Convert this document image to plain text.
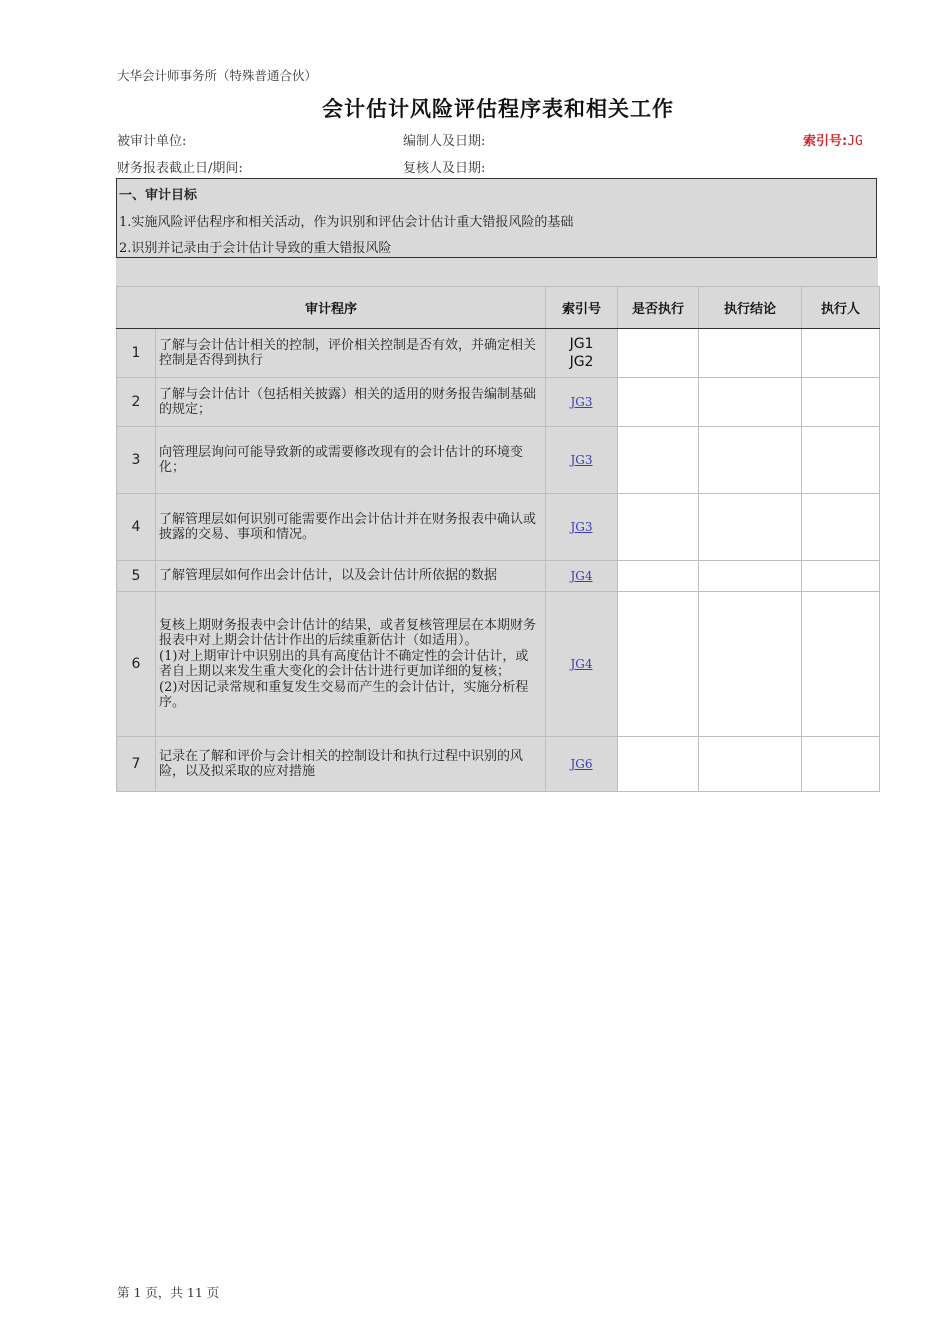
大华会计师事务所（特殊普通合伙）
会计估计风险评估程序表和相关工作
被审计单位:	编制人及日期:	索引号:JG
财务报表截止日/期间:	复核人及日期:
一、审计目标
1.实施风险评估程序和相关活动，作为识别和评估会计估计重大错报风险的基础
2.识别并记录由于会计估计导致的重大错报风险
审计程序		索引号	是否执行	执行结论	执行人
1	了解与会计估计相关的控制，评价相关控制是否有效，并确定相关控制是否得到执行	JG1
JG2			

2	了解与会计估计（包括相关披露）相关的适用的财务报告编制基础的规定；	JG3			
3	向管理层询问可能导致新的或需要修改现有的会计估计的环境变化；	JG3			
4	了解管理层如何识别可能需要作出会计估计并在财务报表中确认或披露的交易、事项和情况。	JG3			
5	了解管理层如何作出会计估计，以及会计估计所依据的数据	JG4			
6	复核上期财务报表中会计估计的结果，或者复核管理层在本期财务报表中对上期会计估计作出的后续重新估计（如适用）。
(1)对上期审计中识别出的具有高度估计不确定性的会计估计，或者自上期以来发生重大变化的会计估计进行更加详细的复核；
(2)对因记录常规和重复发生交易而产生的会计估计，实施分析程序。	JG4			
7	记录在了解和评价与会计相关的控制设计和执行过程中识别的风险，以及拟采取的应对措施	JG6			
第 1 页，共 11 页
